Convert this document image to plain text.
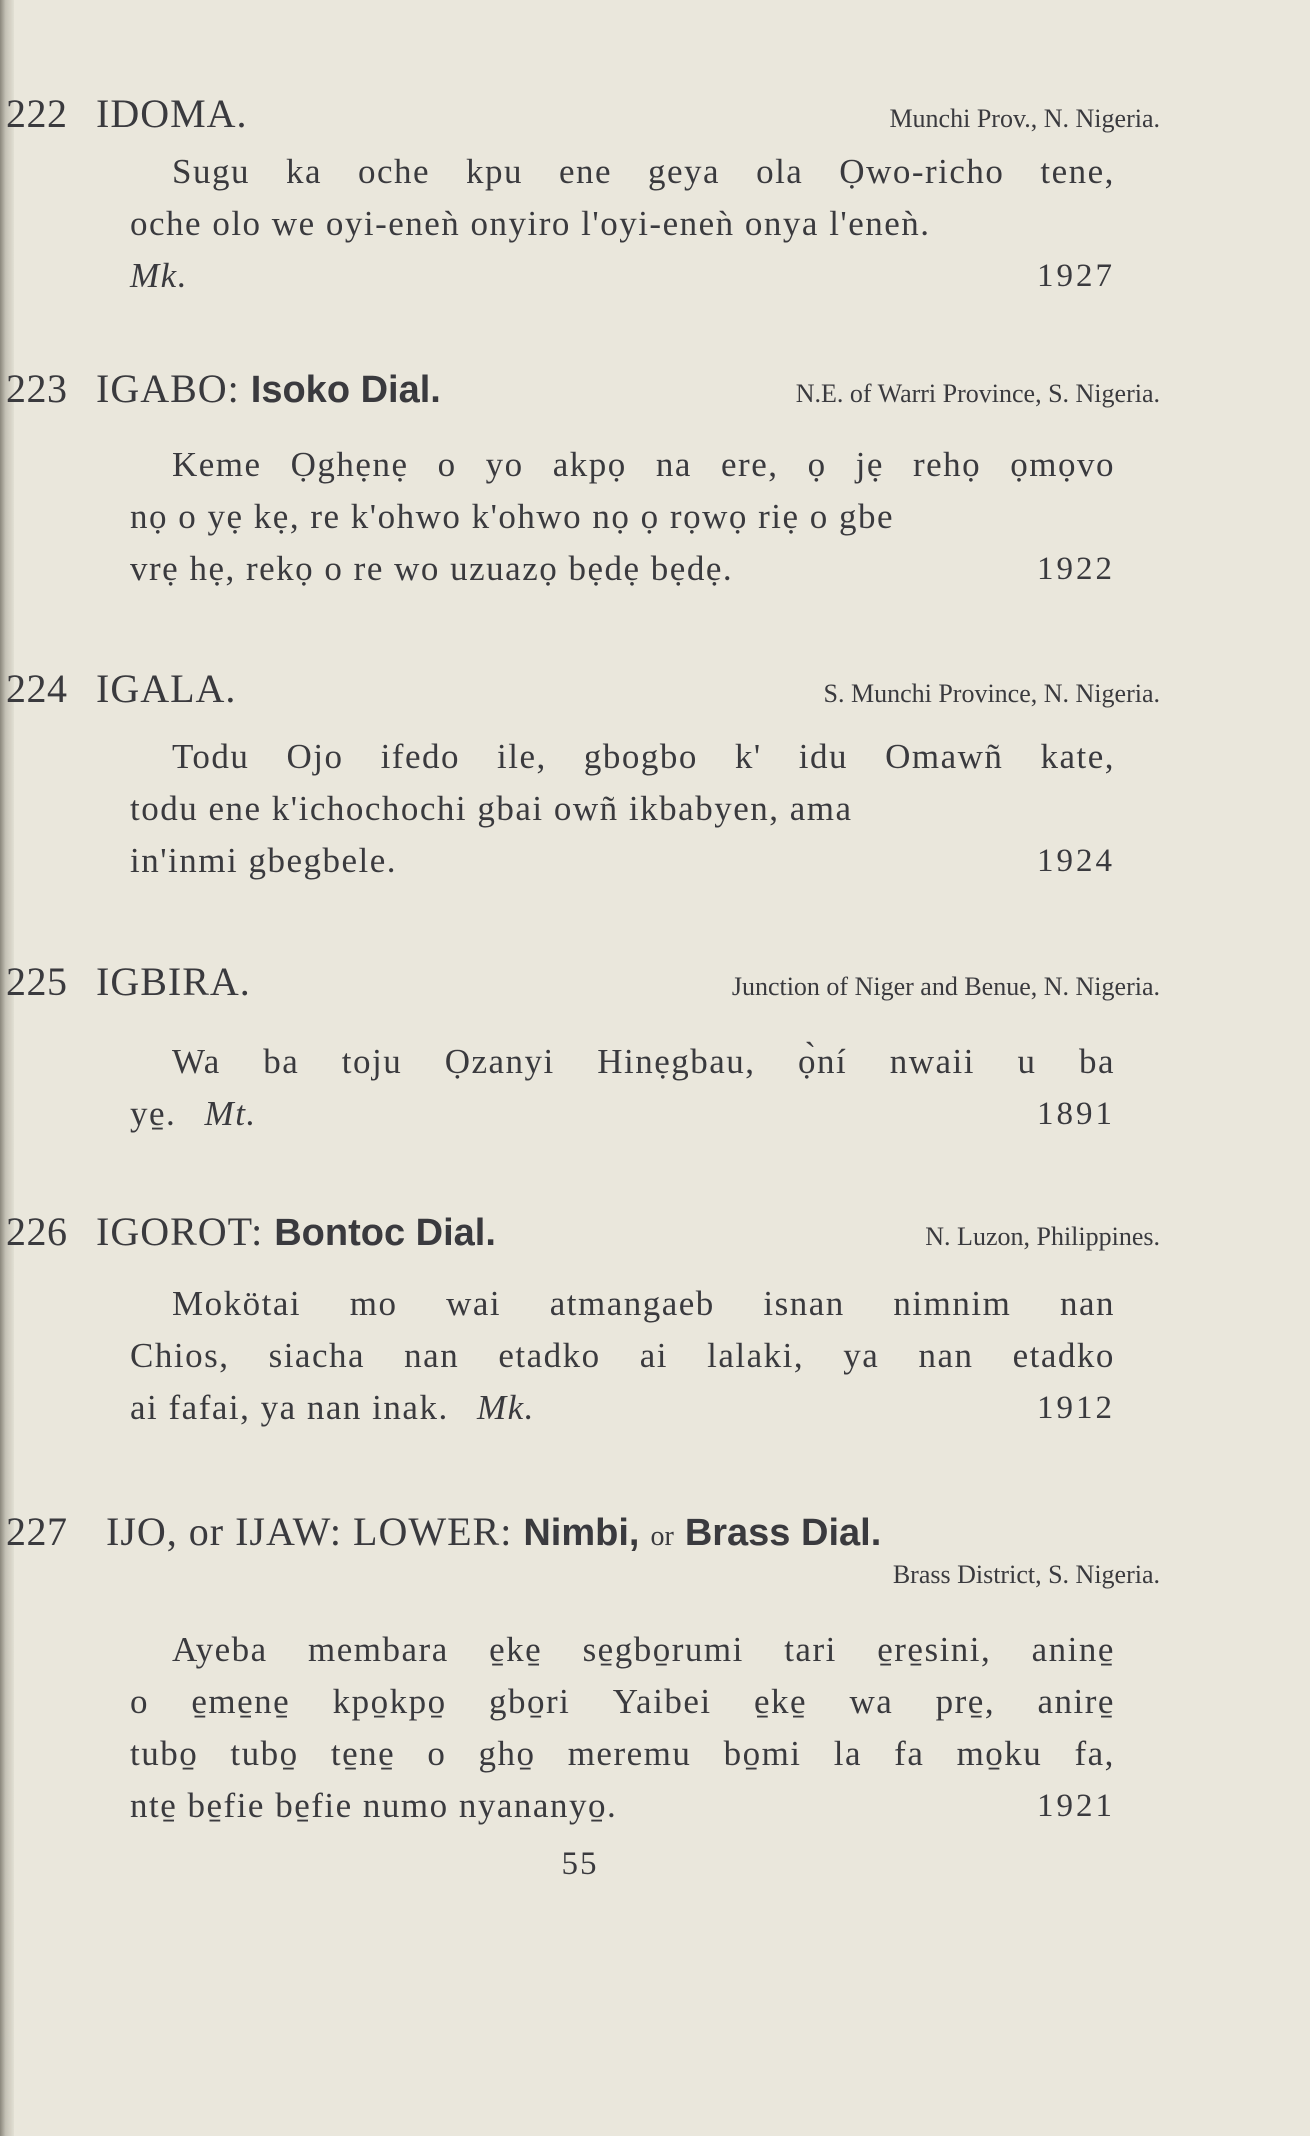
222 IDOMA.	Munchi Prov., N. Nigeria.
Sugu ka oche kpu ene geya ola Ọwo-richo tene,
oche olo we oyi-eneǹ onyiro l'oyi-eneǹ onya l'eneǹ.
Mk.	1927
223 IGABO: Isoko Dial.	N.E. of Warri Province, S. Nigeria.
Keme Ọghẹnẹ o yo akpọ na ere, ọ jẹ rehọ ọmọvo
nọ o yẹ kẹ, re k'ohwo k'ohwo nọ ọ rọwọ riẹ o gbe
vrẹ hẹ, rekọ o re wo uzuazọ bẹdẹ bẹdẹ.	1922
224 IGALA.	S. Munchi Province, N. Nigeria.
Todu Ojo ifedo ile, gbogbo k' idu Omawñ kate,
todu ene k'ichochochi gbai owñ ikbabyen, ama
in'inmi gbegbele.	1924
225 IGBIRA.	Junction of Niger and Benue, N. Nigeria.
Wa ba toju Ọzanyi Hinẹgbau, ọ̀ní nwaii u ba
ye̱. Mt.	1891
226 IGOROT: Bontoc Dial.	N. Luzon, Philippines.
Mokötai mo wai atmangaeb isnan nimnim nan
Chios, siacha nan etadko ai lalaki, ya nan etadko
ai fafai, ya nan inak. Mk.	1912
227 IJO, or IJAW: LOWER: Nimbi, or Brass Dial.
Brass District, S. Nigeria.
Ayeba membara e̱ke̱ se̱gbo̱rumi tari e̱re̱sini, anine̱
o e̱me̱ne̱ kpo̱kpo̱ gbo̱ri Yaibei e̱ke̱ wa pre̱, anire̱
tubo̱ tubo̱ te̱ne̱ o gho̱ meremu bo̱mi la fa mo̱ku fa,
nte̱ be̱fie be̱fie numo nyananyo̱.	1921
55
